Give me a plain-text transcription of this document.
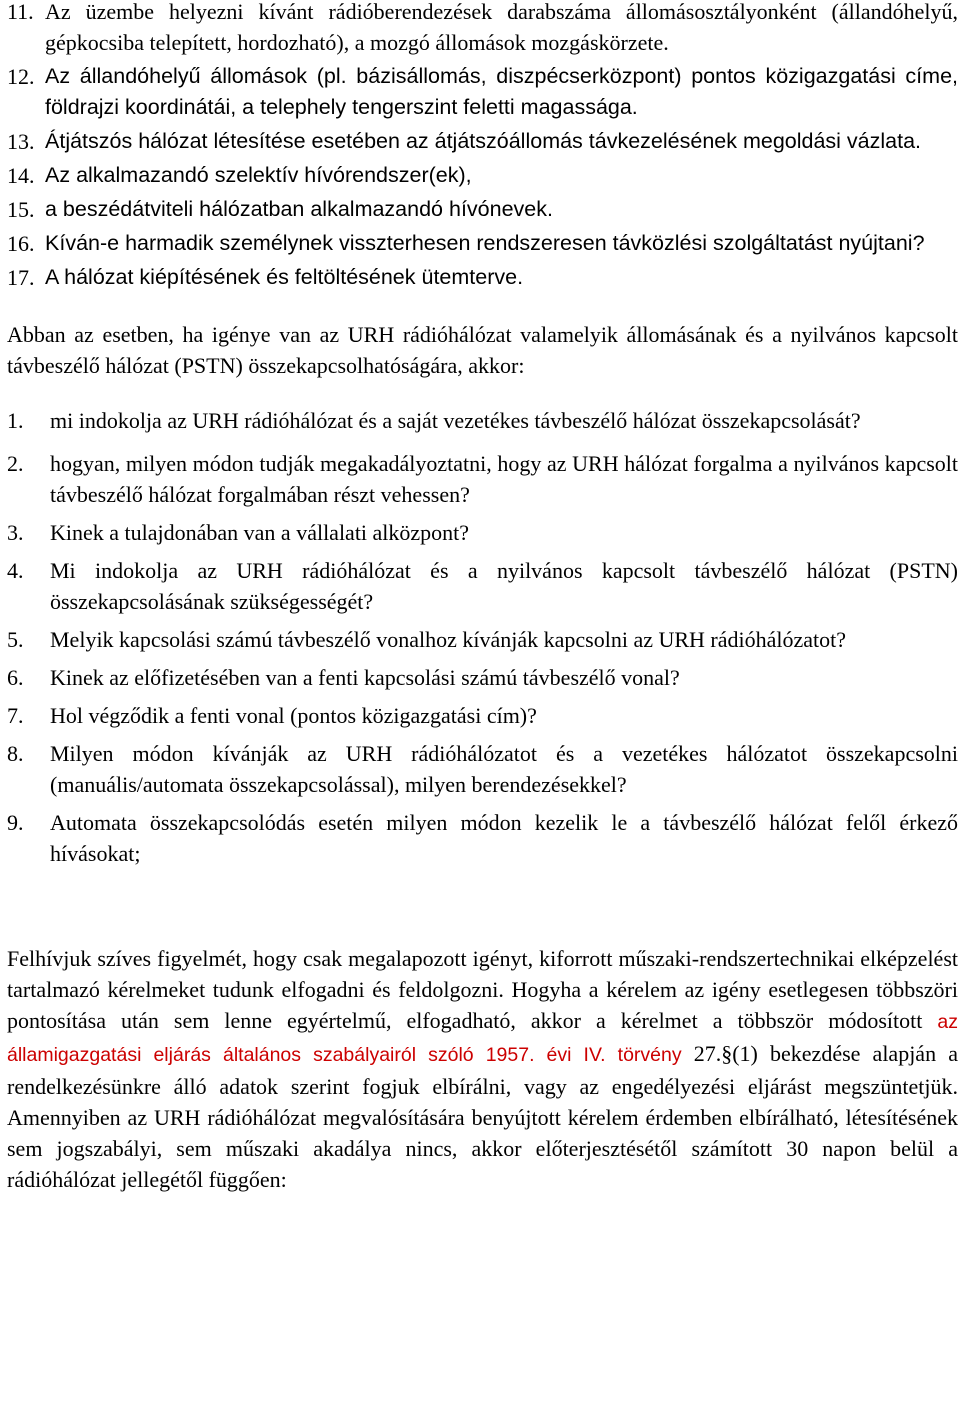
11. Az üzembe helyezni kívánt rádióberendezések darabszáma állomásosztályonként (állandóhelyű, gépkocsiba telepített, hordozható), a mozgó állomások mozgáskörzete.
12. Az állandóhelyű állomások (pl. bázisállomás, diszpécserközpont) pontos közigazgatási címe, földrajzi koordinátái, a telephely tengerszint feletti magassága.
13. Átjátszós hálózat létesítése esetében az átjátszóállomás távkezelésének megoldási vázlata.
14. Az alkalmazandó szelektív hívórendszer(ek),
15. a beszédátviteli hálózatban alkalmazandó hívónevek.
16. Kíván-e harmadik személynek visszterhesen rendszeresen távközlési szolgáltatást nyújtani?
17. A hálózat kiépítésének és feltöltésének ütemterve.

Abban az esetben, ha igénye van az URH rádióhálózat valamelyik állomásának és a nyilvános kapcsolt távbeszélő hálózat (PSTN) összekapcsolhatóságára, akkor:

1.	mi indokolja az URH rádióhálózat és a saját vezetékes távbeszélő hálózat összekapcsolását?
2.	hogyan, milyen módon tudják megakadályoztatni, hogy az URH hálózat forgalma a nyilvános kapcsolt távbeszélő hálózat forgalmában részt vehessen?
3.	Kinek a tulajdonában van a vállalati alközpont?
4.	Mi indokolja az URH rádióhálózat és a nyilvános kapcsolt távbeszélő hálózat (PSTN) összekapcsolásának szükségességét?
5.	Melyik kapcsolási számú távbeszélő vonalhoz kívánják kapcsolni az URH rádióhálózatot?
6.	Kinek az előfizetésében van a fenti kapcsolási számú távbeszélő vonal?
7.	Hol végződik a fenti vonal (pontos közigazgatási cím)?
8.	Milyen módon kívánják az URH rádióhálózatot és a vezetékes hálózatot összekapcsolni (manuális/automata összekapcsolással), milyen berendezésekkel?
9.	Automata összekapcsolódás esetén milyen módon kezelik le a távbeszélő hálózat felől érkező hívásokat;

Felhívjuk szíves figyelmét, hogy csak megalapozott igényt, kiforrott műszaki-rendszertechnikai elképzelést tartalmazó kérelmeket tudunk elfogadni és feldolgozni. Hogyha a kérelem az igény esetlegesen többszöri pontosítása után sem lenne egyértelmű, elfogadható, akkor a kérelmet a többször módosított az államigazgatási eljárás általános szabályairól szóló 1957. évi IV. törvény 27.§(1) bekezdése alapján a rendelkezésünkre álló adatok szerint fogjuk elbírálni, vagy az engedélyezési eljárást megszüntetjük. Amennyiben az URH rádióhálózat megvalósítására benyújtott kérelem érdemben elbírálható, létesítésének sem jogszabályi, sem műszaki akadálya nincs, akkor előterjesztésétől számított 30 napon belül a rádióhálózat jellegétől függően:
